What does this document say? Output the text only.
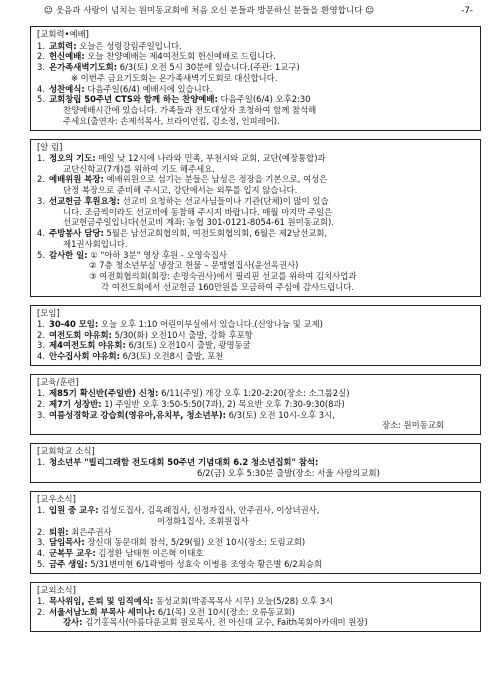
☺ 웃음과 사랑이 넘치는 원미동교회에 처음 오신 분들과 방문하신 분들을 환영합니다 ☺	-7-
[교회력•예배]
1. 교회력: 오늘은 성령강림주일입니다.
2. 헌신예배: 오늘 찬양예배는 제4여전도회 헌신예배로 드립니다.
3. 온가족새벽기도회: 6/3(토) 오전 5시 30분에 있습니다.(주관: 1교구)
※ 이번주 금요기도회는 온가족새벽기도회로 대신합니다.
4. 성찬예식: 다음주일(6/4) 예배시에 있습니다.
5. 교회창립 50주년 CTS와 함께 하는 찬양예배: 다음주일(6/4) 오후2:30
찬양예배시간에 있습니다. 가족들과 전도대상자 초청하여 함께 참석해
주세요(출연자: 손제석목사, 브라이언킴, 김소정, 인피레어).
[알 림]
1. 정오의 기도: 매일 낮 12시에 나라와 민족, 부천시와 교회, 교단(예장통합)과
교단신학교(7개)를 위하여 기도 해주세요.
2. 예배위원 복장: 예배위원으로 섬기는 분들은 남성은 정장을 기본으로, 여성은
단정 복장으로 준비해 주시고, 강단에서는 외투를 입지 않습니다.
3. 선교헌금 후원요청: 선교비 요청하는 선교사님들이나 기관(단체)이 많이 있습
니다. 조금씩이라도 선교비에 동참해 주시지 바랍니다. 매월 마지막 주일은
선교헌금주일입니다(선교비 계좌: 농협 301-0121-8054-61 원미동교회).
4. 주방봉사 담당: 5월은 남선교회협의회, 여전도회협의회, 6월은 제2남선교회,
제1권사회입니다.
5. 감사한 일: ① "아하 3분" 영상 후원 - 오영숙집사
② 7층 청소년부실 냉장고 헌물 – 문맹열집사(윤선옥권사)
③ 여전회협의회(회장: 손명숙권사)에서 필리핀 선교를 위하여 김치사업과
각 여전도회에서 선교헌금 160만원을 모금하여 주심에 감사드립니다.
[모임]
1. 30-40 모임: 오늘 오후 1:10 어린이부실에서 있습니다.(신앙나눔 및 교제)
2. 여전도회 야유회: 5/30(화) 오전10시 출발, 강화 후포항
3. 제4여전도회 야유회: 6/3(토) 오전10시 출발, 광명동굴
4. 안수집사회 야유회: 6/3(토) 오전8시 출발, 포천
[교육/훈련]
1. 제85기 확신반(주일반) 신청: 6/11(주일) 개강 오후 1:20-2:20(장소: 소그룹2실)
2. 제7기 성장반: 1) 주일반 오후 3:50-5:50(7과), 2) 목요반 오후 7:30-9:30(8과)
3. 여름성경학교 강습회(영유아,유치부, 청소년부): 6/3(토) 오전 10시-오후 3시,
장소: 원미동교회
[교회학교 소식]
1. 청소년부 "빌리그래함 전도대회 50주년 기념대회 6.2 청소년집회" 참석:
6/2(금) 오후 5:30분 출발(장소: 서울 사랑의교회)
[교우소식]
1. 입원 중 교우: 김성도집사, 김옥례집사, 신정자집사, 안주권사, 이상녀권사,
이정화1집사, 조휘원집사
2. 퇴원: 최은주권사
3. 담임목사: 장신대 동문대회 참석, 5/29(월) 오전 10시(장소: 도림교회)
4. 군복무 교우: 김정환 남태현 이은혁 이태호
5. 금주 생일: 5/31변미현 6/1곽병아 성효숙 이병용 조영숙 황은별 6/2최승희
[교외소식]
1. 목사위임, 은퇴 및 임직예식: 동성교회(박종목목사 시무) 오늘(5/28) 오후 3시
2. 서울서남노회 부목사 세미나: 6/1(목) 오전 10시(장소: 오류동교회)
강사: 김기홍목사(아름다운교회 원로목사, 전 아신대 교수, Faith목회아카데미 원장)
